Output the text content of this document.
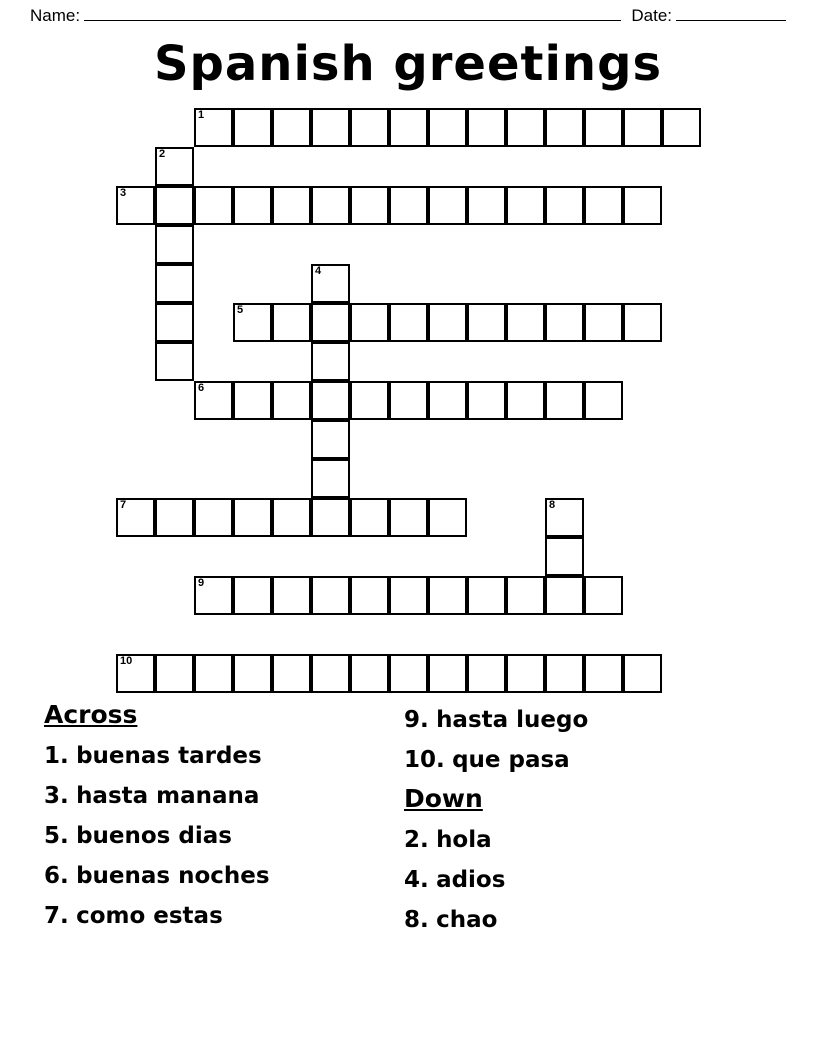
Name:	Date:
Spanish greetings
1
2
3
4
5
6
7	8
9
10
Across
1. buenas tardes
3. hasta manana
5. buenos dias
6. buenas noches
7. como estas
9. hasta luego
10. que pasa
Down
2. hola
4. adios
8. chao
